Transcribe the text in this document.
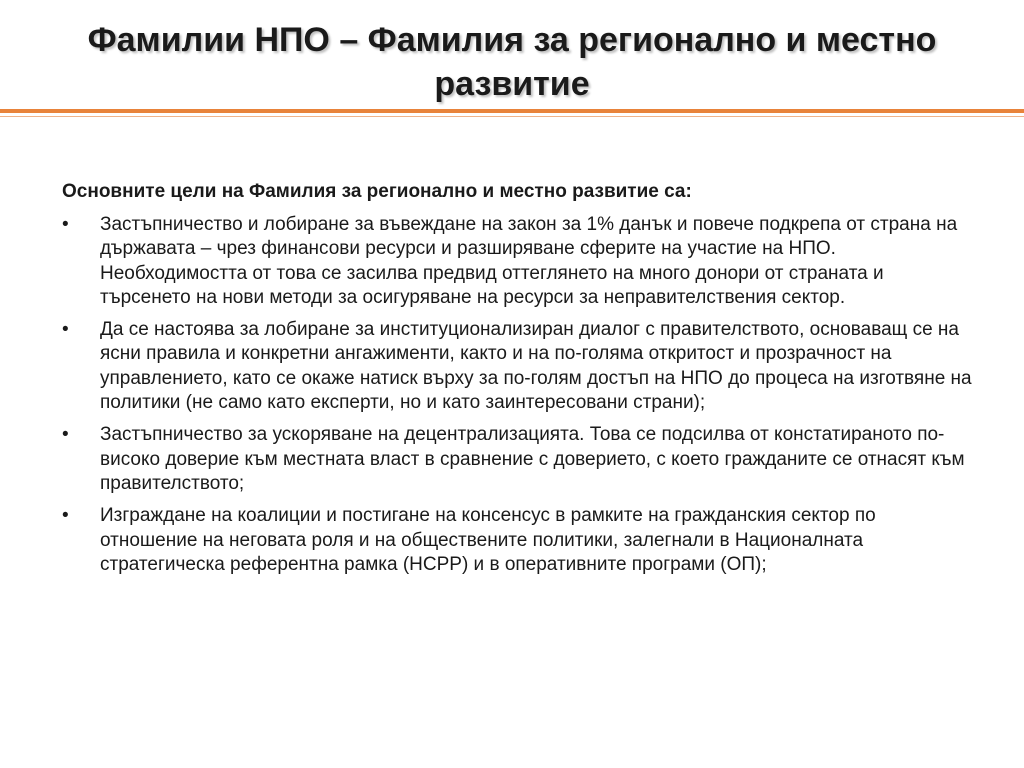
Фамилии НПО – Фамилия за регионално и местно развитие
Основните цели на Фамилия за регионално и местно развитие са:
•	Застъпничество и лобиране за въвеждане на закон за 1% данък и повече подкрепа от страна на държавата – чрез финансови ресурси и разширяване сферите на участие на НПО. Необходимостта от това се засилва предвид оттеглянето на много донори от страната и търсенето на нови методи за осигуряване на ресурси за неправителствения сектор.
•	Да се настоява за лобиране за институционализиран диалог с правителството, основаващ се на ясни правила и конкретни ангажименти, както и на по-голяма откритост и прозрачност на управлението, като се окаже натиск върху за по-голям достъп на НПО до процеса на изготвяне на политики (не само като експерти, но и като заинтересовани страни);
•	Застъпничество за ускоряване на децентрализацията. Това се подсилва от констатираното по-високо доверие към местната власт в сравнение с доверието, с което гражданите се отнасят към правителството;
•	Изграждане на коалиции и постигане на консенсус в рамките на гражданския сектор по отношение на неговата роля и на обществените политики, залегнали в Националната стратегическа референтна рамка (НСРР) и в оперативните програми (ОП);
